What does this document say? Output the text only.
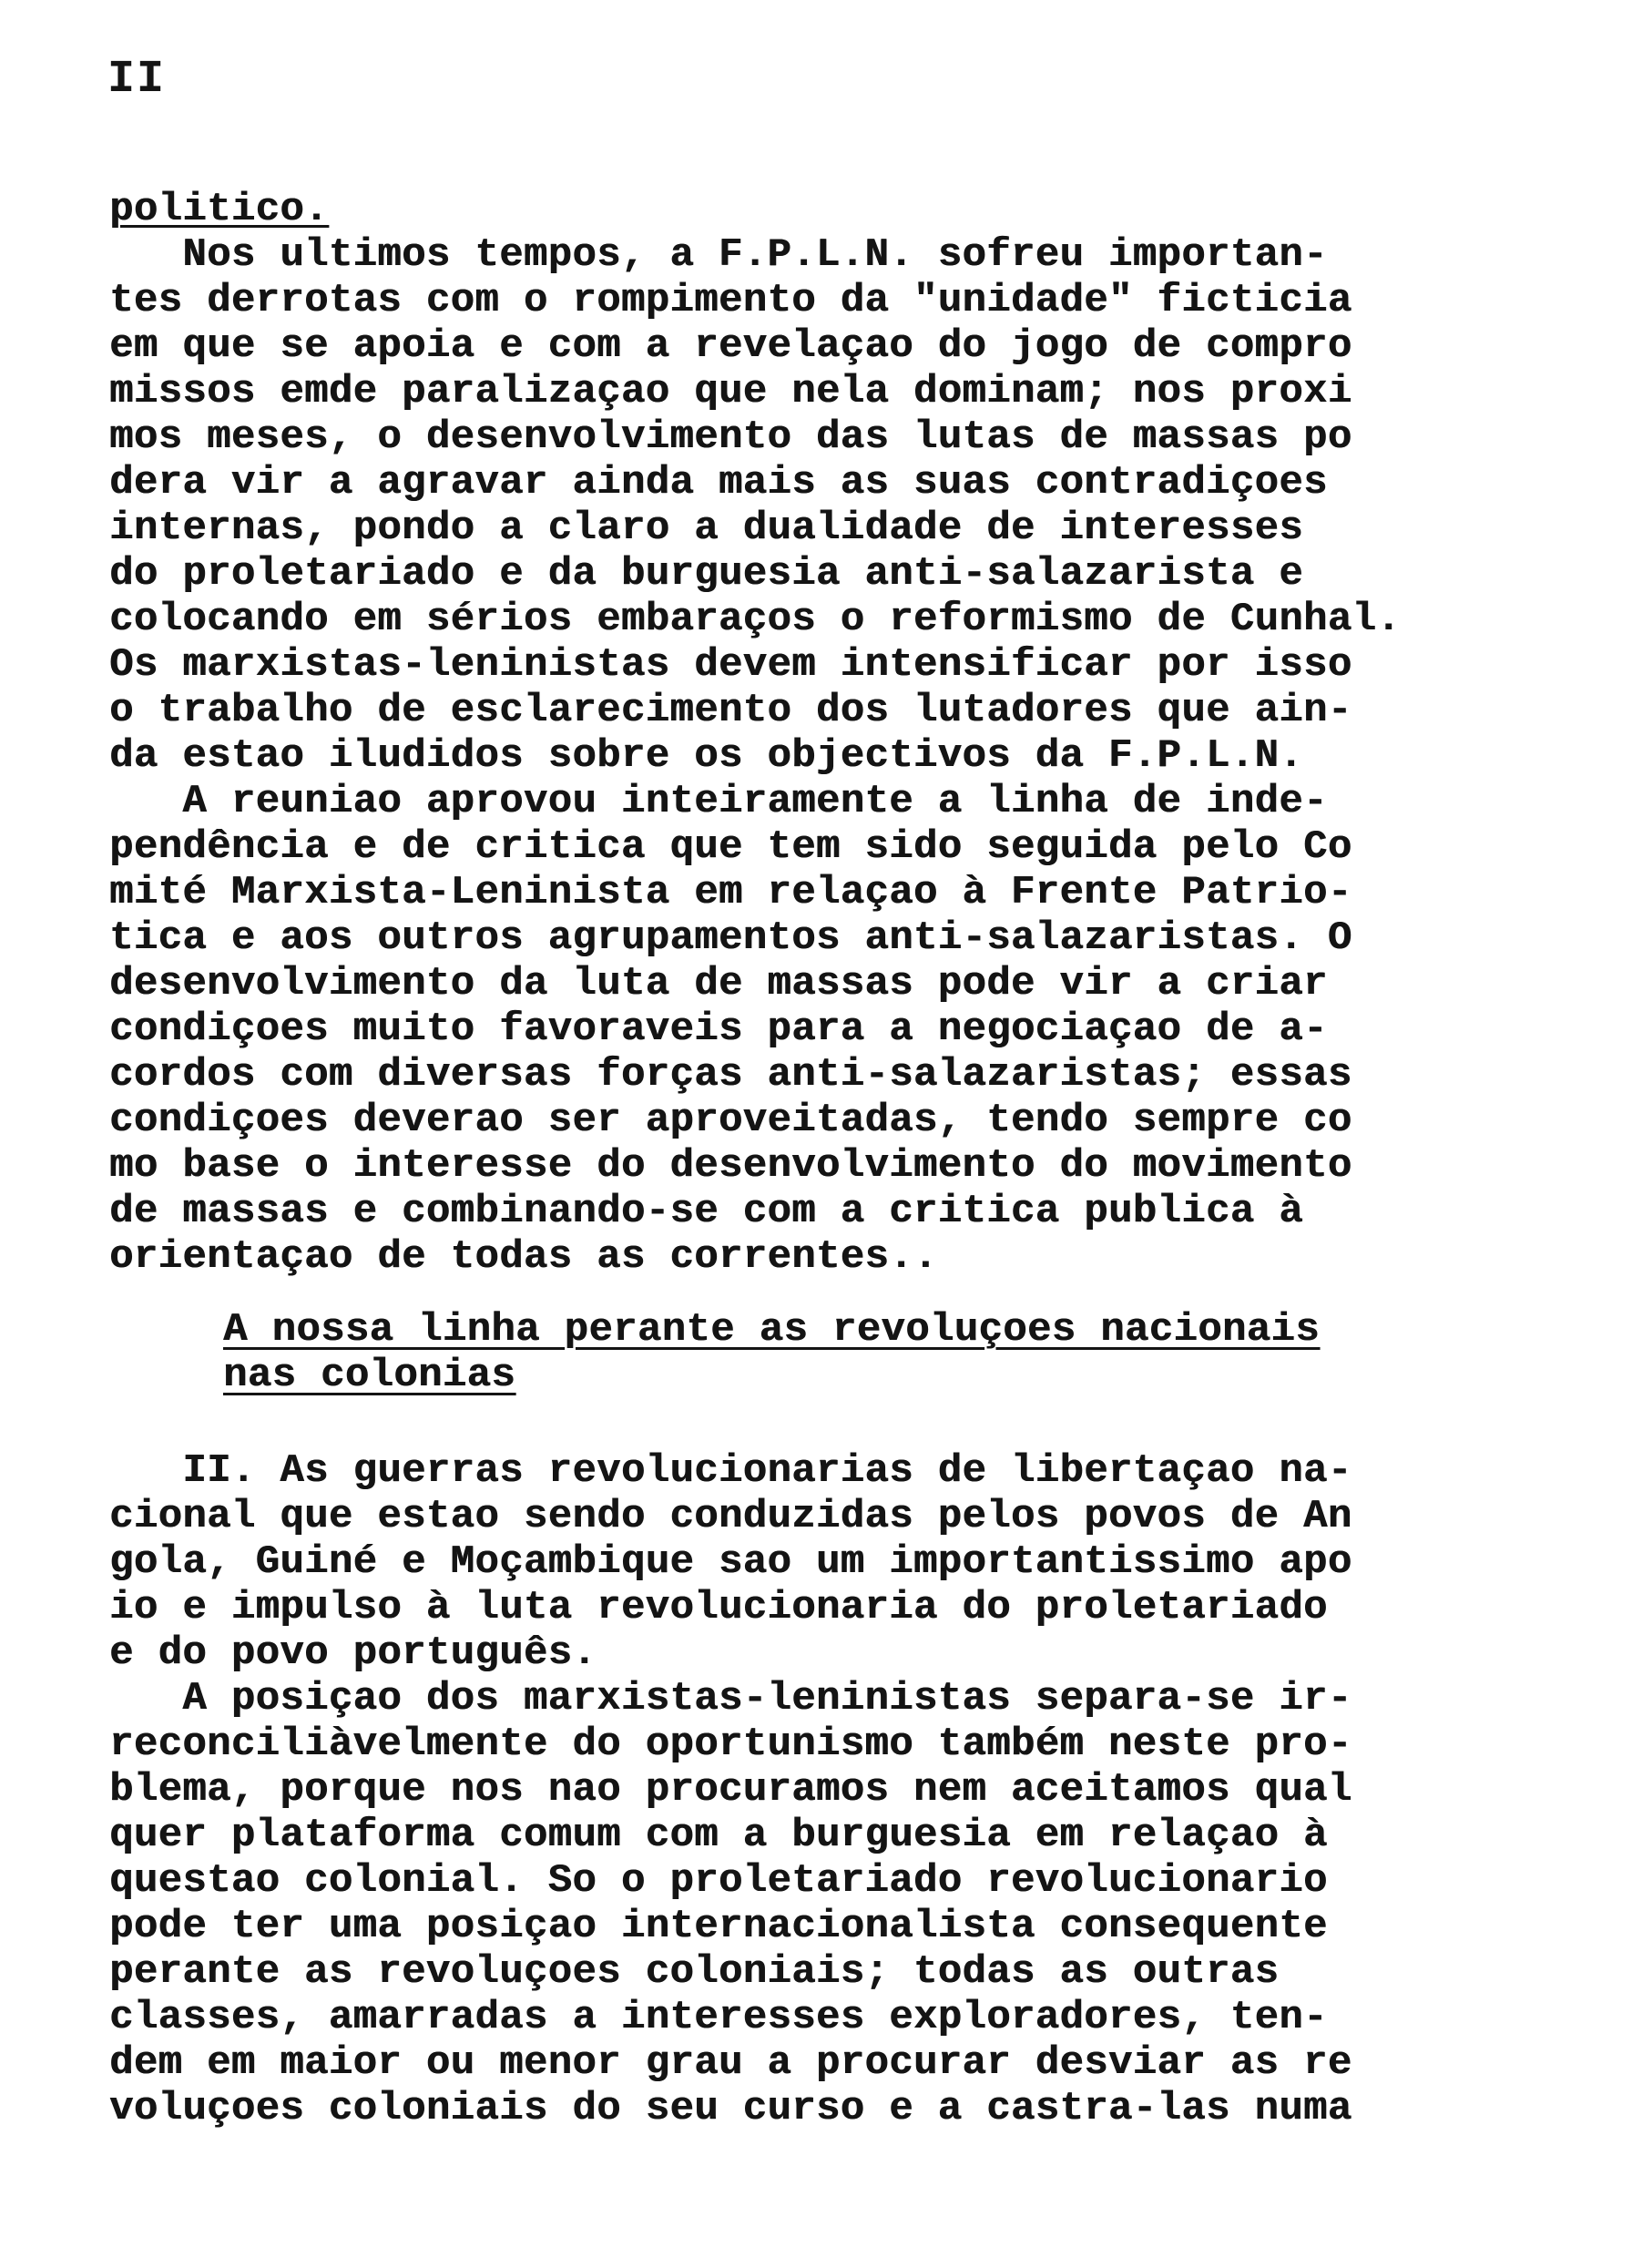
II
politico.
Nos ultimos tempos, a F.P.L.N. sofreu importan-
tes derrotas com o rompimento da "unidade" ficticia
em que se apoia e com a revelaçao do jogo de compro
missos emde paralizaçao que nela dominam; nos proxi
mos meses, o desenvolvimento das lutas de massas po
dera vir a agravar ainda mais as suas contradiçoes
internas, pondo a claro a dualidade de interesses
do proletariado e da burguesia anti-salazarista e
colocando em sérios embaraços o reformismo de Cunhal.
Os marxistas-leninistas devem intensificar por isso
o trabalho de esclarecimento dos lutadores que ain-
da estao iludidos sobre os objectivos da F.P.L.N.
A reuniao aprovou inteiramente a linha de inde-
pendência e de critica que tem sido seguida pelo Co
mité Marxista-Leninista em relaçao à Frente Patrio-
tica e aos outros agrupamentos anti-salazaristas. O
desenvolvimento da luta de massas pode vir a criar
condiçoes muito favoraveis para a negociaçao de a-
cordos com diversas forças anti-salazaristas; essas
condiçoes deverao ser aproveitadas, tendo sempre co
mo base o interesse do desenvolvimento do movimento
de massas e combinando-se com a critica publica à
orientaçao de todas as correntes..
A nossa linha perante as revoluçoes nacionais
nas colonias
II. As guerras revolucionarias de libertaçao na-
cional que estao sendo conduzidas pelos povos de An
gola, Guiné e Moçambique sao um importantissimo apo
io e impulso à luta revolucionaria do proletariado
e do povo português.
A posiçao dos marxistas-leninistas separa-se ir-
reconciliàvelmente do oportunismo também neste pro-
blema, porque nos nao procuramos nem aceitamos qual
quer plataforma comum com a burguesia em relaçao à
questao colonial. So o proletariado revolucionario
pode ter uma posiçao internacionalista consequente
perante as revoluçoes coloniais; todas as outras
classes, amarradas a interesses exploradores, ten-
dem em maior ou menor grau a procurar desviar as re
voluçoes coloniais do seu curso e a castra-las numa
